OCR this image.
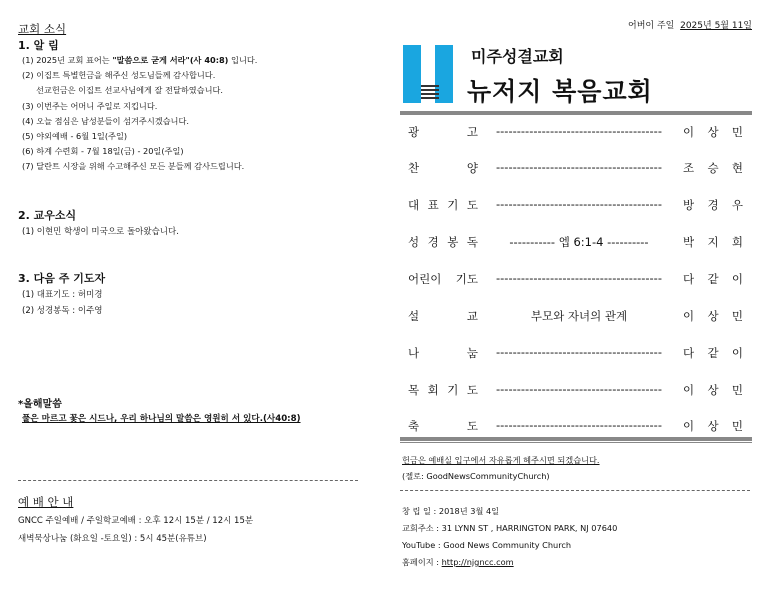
교회 소식
1. 알 림
(1) 2025년 교회 표어는 "말씀으로 굳게 서라"(사 40:8) 입니다.
(2) 이집트 특별헌금을 해주신 성도님들께 감사합니다.
선교헌금은 이집트 선교사님에게 잘 전달하였습니다.
(3) 이번주는 어머니 주일로 지킵니다.
(4) 오늘 점심은 남성분들이 섬겨주시겠습니다.
(5) 야외예배 - 6월 1일(주일)
(6) 하계 수련회 - 7월 18일(금) - 20일(주일)
(7) 달란트 시장을 위해 수고해주신 모든 분들께 감사드립니다.
2. 교우소식
(1) 이현민 학생이 미국으로 돌아왔습니다.
3. 다음 주 기도자
(1) 대표기도 : 허미경
(2) 성경봉독 : 이주영
*올해말씀
풀은 마르고 꽃은 시드나, 우리 하나님의 말씀은 영원히 서 있다.(사40:8)
예 배 안 내
GNCC 주일예배 / 주일학교예배 : 오후 12시 15분 / 12시 15분
새벽묵상나눔 (화요일 -토요일) : 5시 45분(유튜브)
어버이 주일 2025년 5월 11일
미주성결교회
뉴저지 복음교회
광	고	----------------------------------------	이 상 민
찬	양	----------------------------------------	조 승 현
대 표 기 도	----------------------------------------	방 경 우
성 경 봉 독	----------- 엡 6:1-4 ----------	박 지 희
어린이 기도	----------------------------------------	다 같 이
설	교	부모와 자녀의 관계	이 상 민
나	눔	----------------------------------------	다 같 이
목 회 기 도	----------------------------------------	이 상 민
축	도	----------------------------------------	이 상 민
헌금은 예배실 입구에서 자유롭게 헤주시면 되겠습니다.
(젤로: GoodNewsCommunityChurch)
창 립 일 : 2018년 3월 4일
교회주소 : 31 LYNN ST , HARRINGTON PARK, NJ 07640
YouTube : Good News Community Church
홈페이지 : http://njgncc.com
